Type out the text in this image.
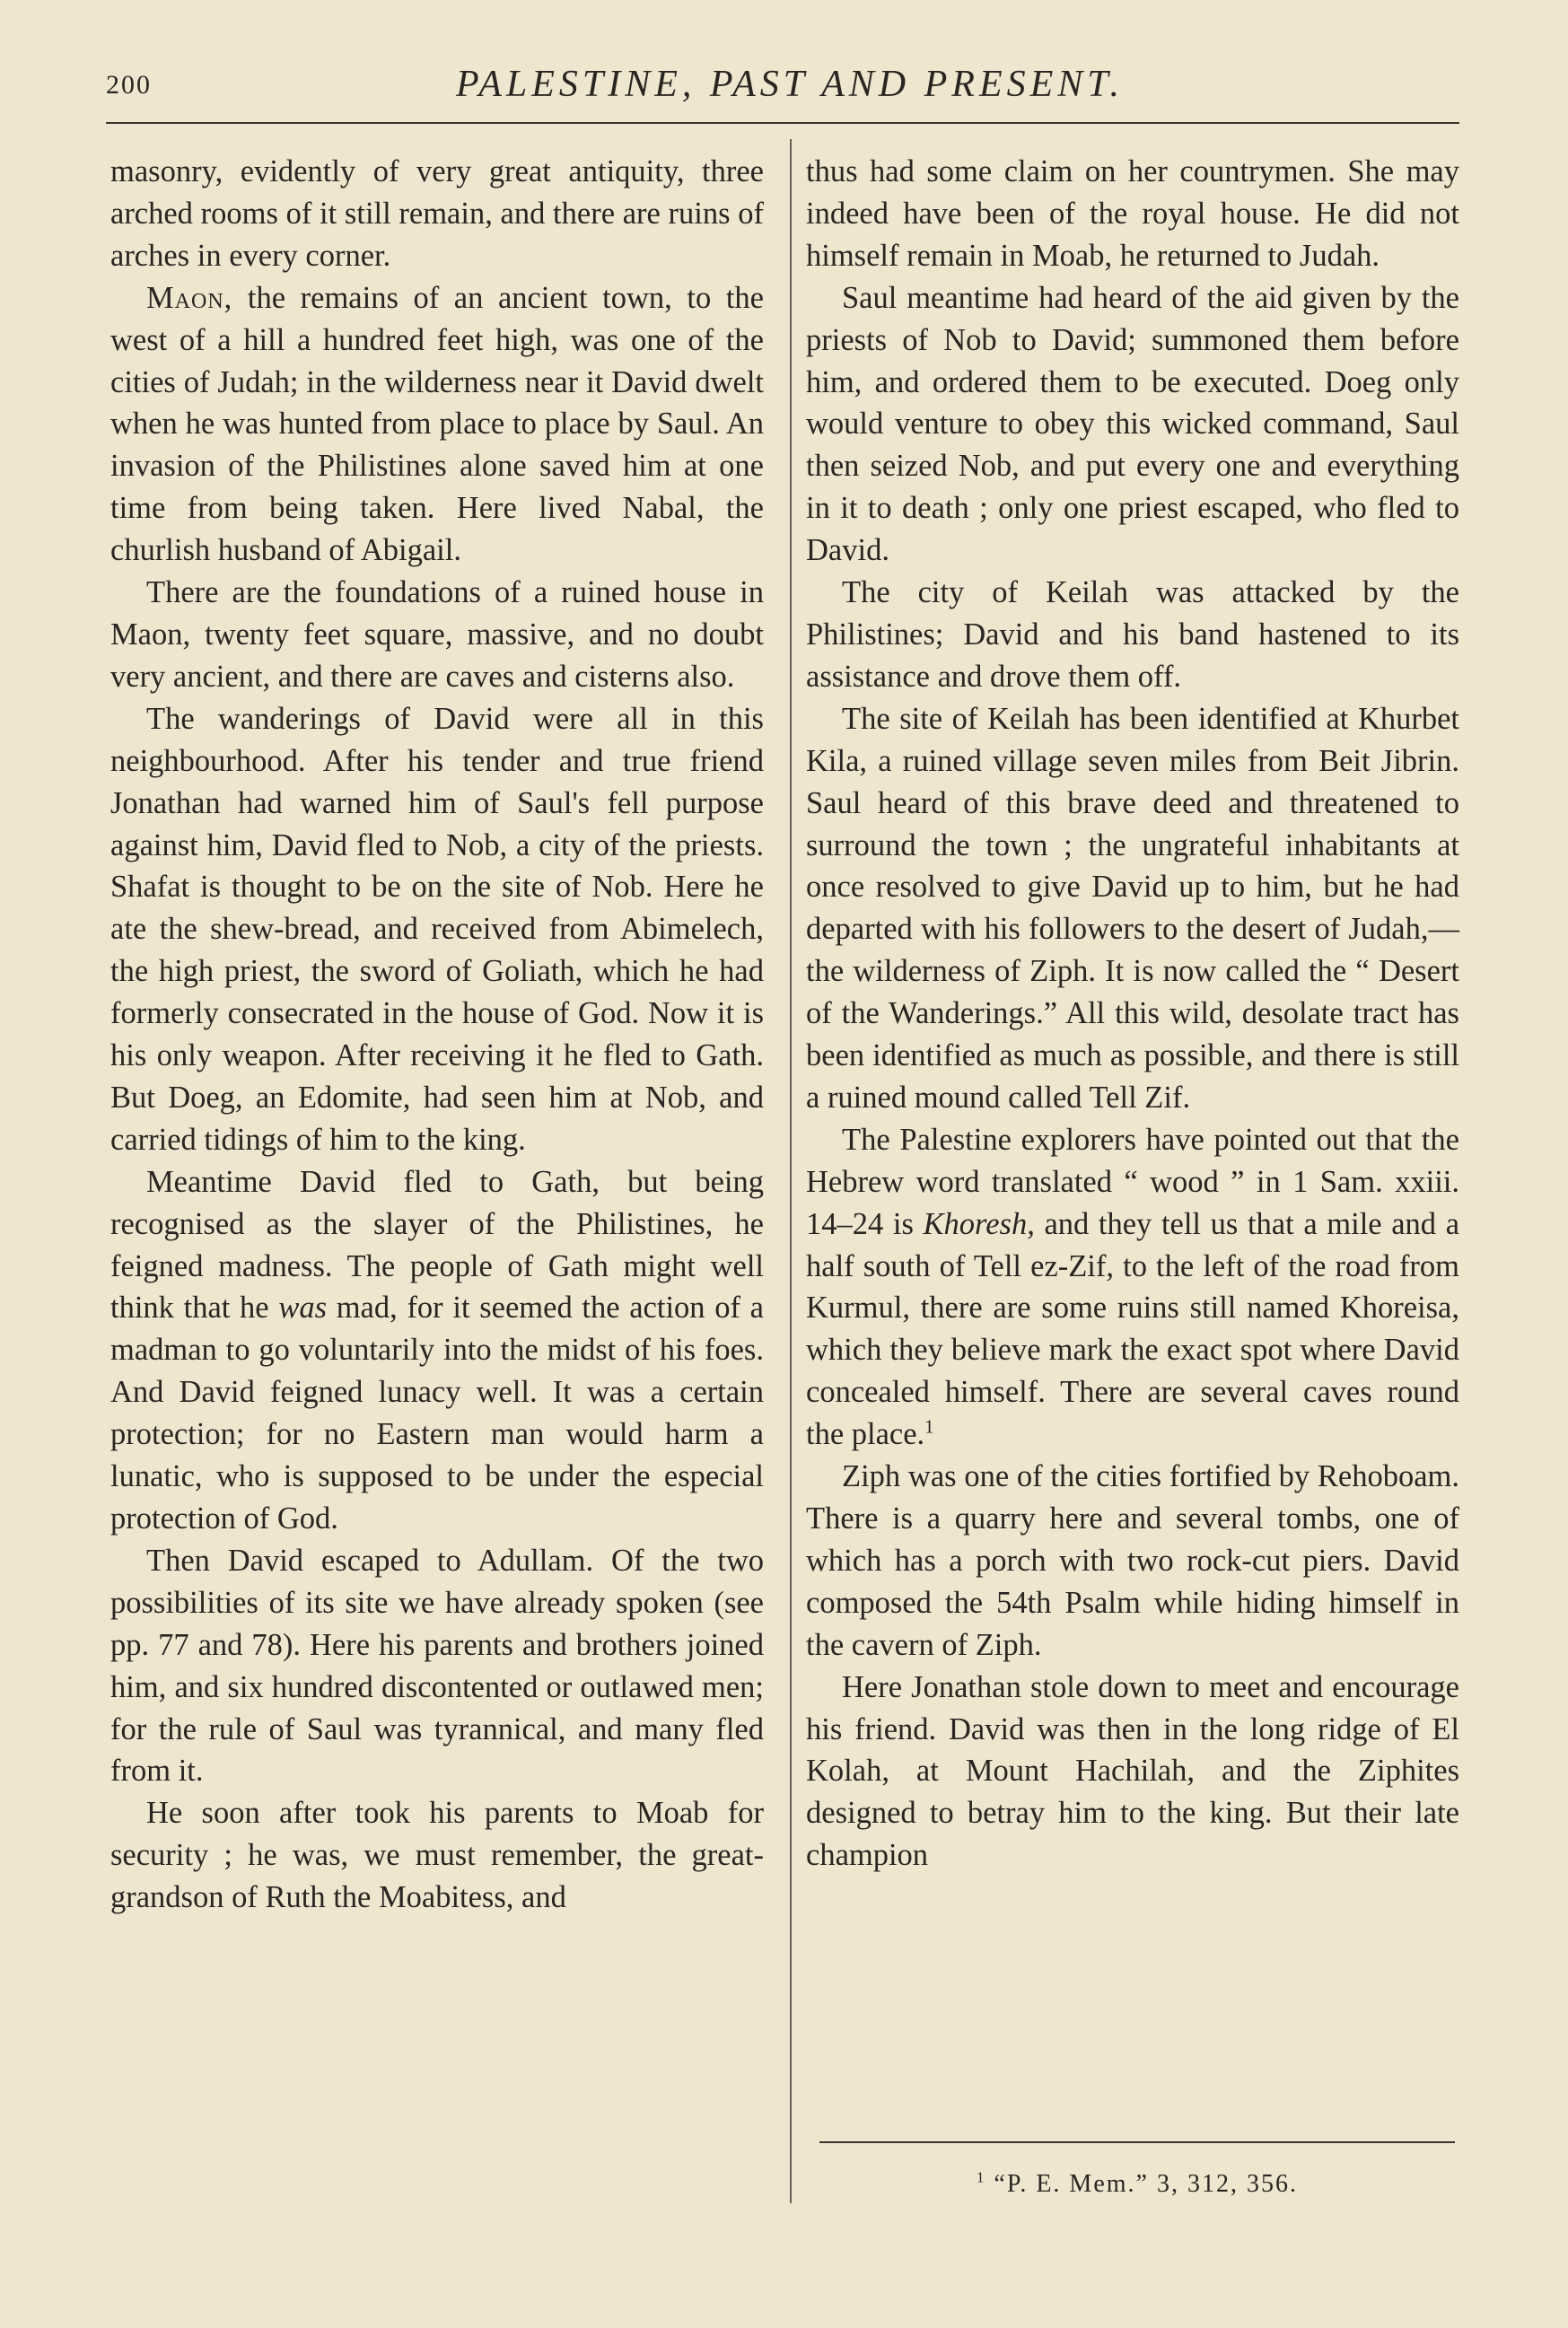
200	PALESTINE, PAST AND PRESENT.

masonry, evidently of very great antiquity, three arched rooms of it still remain, and there are ruins of arches in every corner.

Maon, the remains of an ancient town, to the west of a hill a hundred feet high, was one of the cities of Judah; in the wilderness near it David dwelt when he was hunted from place to place by Saul. An invasion of the Philistines alone saved him at one time from being taken. Here lived Nabal, the churlish husband of Abigail.

There are the foundations of a ruined house in Maon, twenty feet square, massive, and no doubt very ancient, and there are caves and cisterns also.

The wanderings of David were all in this neighbourhood. After his tender and true friend Jonathan had warned him of Saul's fell purpose against him, David fled to Nob, a city of the priests. Shafat is thought to be on the site of Nob. Here he ate the shew-bread, and received from Abimelech, the high priest, the sword of Goliath, which he had formerly consecrated in the house of God. Now it is his only weapon. After receiving it he fled to Gath. But Doeg, an Edomite, had seen him at Nob, and carried tidings of him to the king.

Meantime David fled to Gath, but being recognised as the slayer of the Philistines, he feigned madness. The people of Gath might well think that he was mad, for it seemed the action of a madman to go voluntarily into the midst of his foes. And David feigned lunacy well. It was a certain protection; for no Eastern man would harm a lunatic, who is supposed to be under the especial protection of God.

Then David escaped to Adullam. Of the two possibilities of its site we have already spoken (see pp. 77 and 78). Here his parents and brothers joined him, and six hundred discontented or outlawed men; for the rule of Saul was tyrannical, and many fled from it.

He soon after took his parents to Moab for security ; he was, we must remember, the great-grandson of Ruth the Moabitess, and

thus had some claim on her countrymen. She may indeed have been of the royal house. He did not himself remain in Moab, he returned to Judah.

Saul meantime had heard of the aid given by the priests of Nob to David; summoned them before him, and ordered them to be executed. Doeg only would venture to obey this wicked command, Saul then seized Nob, and put every one and everything in it to death ; only one priest escaped, who fled to David.

The city of Keilah was attacked by the Philistines; David and his band hastened to its assistance and drove them off.

The site of Keilah has been identified at Khurbet Kila, a ruined village seven miles from Beit Jibrin. Saul heard of this brave deed and threatened to surround the town ; the ungrateful inhabitants at once resolved to give David up to him, but he had departed with his followers to the desert of Judah,—the wilderness of Ziph. It is now called the “ Desert of the Wanderings.” All this wild, desolate tract has been identified as much as possible, and there is still a ruined mound called Tell Zif.

The Palestine explorers have pointed out that the Hebrew word translated “ wood ” in 1 Sam. xxiii. 14–24 is Khoresh, and they tell us that a mile and a half south of Tell ez-Zif, to the left of the road from Kurmul, there are some ruins still named Khoreisa, which they believe mark the exact spot where David concealed himself. There are several caves round the place.$^1$

Ziph was one of the cities fortified by Rehoboam. There is a quarry here and several tombs, one of which has a porch with two rock-cut piers. David composed the 54th Psalm while hiding himself in the cavern of Ziph.

Here Jonathan stole down to meet and encourage his friend. David was then in the long ridge of El Kolah, at Mount Hachilah, and the Ziphites designed to betray him to the king. But their late champion

$^1$ “P. E. Mem.” 3, 312, 356.
